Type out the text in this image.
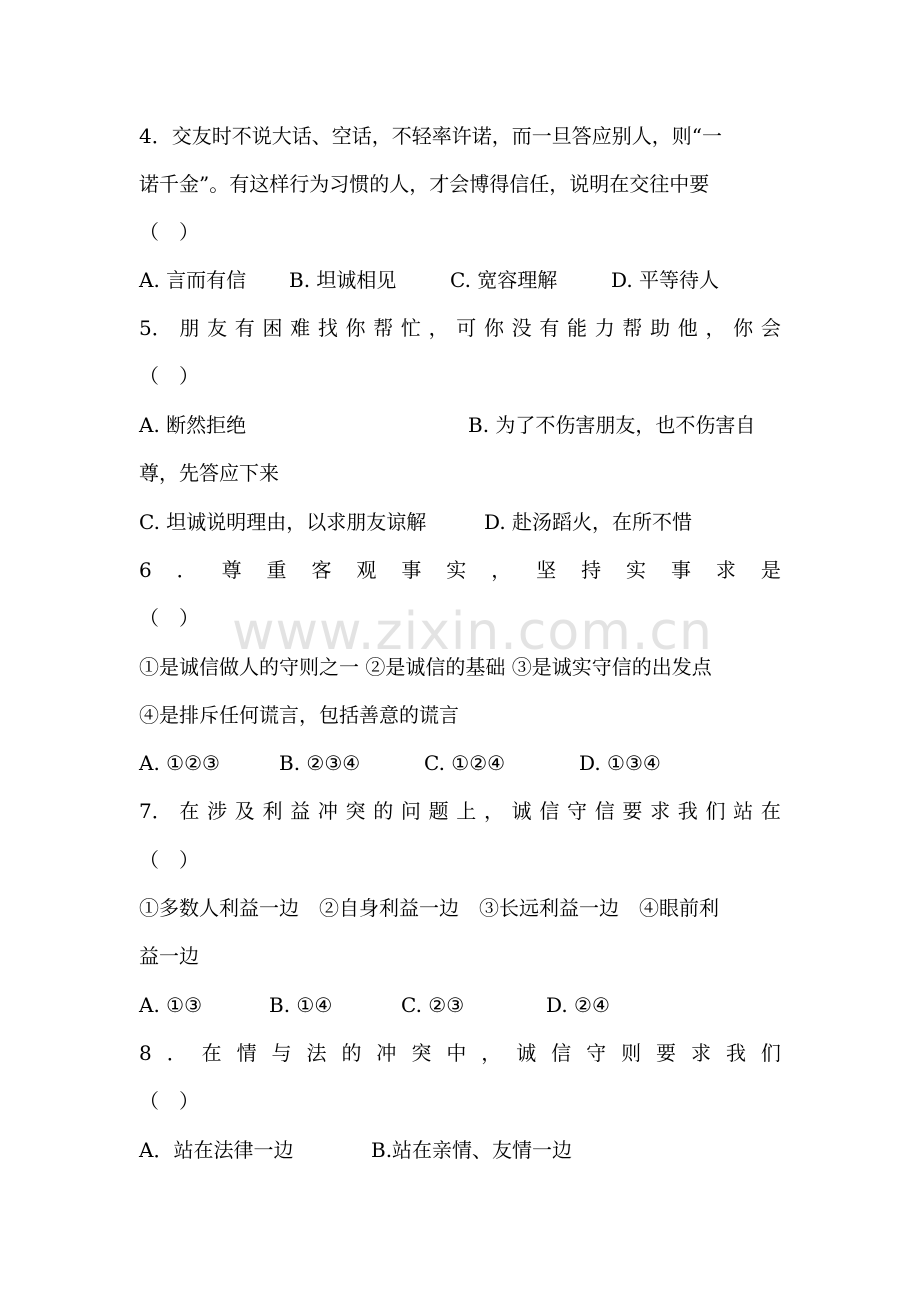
www.zixin.com.cn
4．交友时不说大话、空话，不轻率许诺，而一旦答应别人，则“一
诺千金”。有这样行为习惯的人，才会博得信任，说明在交往中要
（　）
A. 言而有信 B. 坦诚相见	C. 宽容理解	D. 平等待人
5． 朋 友 有 困 难 找 你 帮 忙 ， 可 你 没 有 能 力 帮 助 他 ， 你 会
（　）
A. 断然拒绝	B. 为了不伤害朋友，也不伤害自
尊，先答应下来
C. 坦诚说明理由，以求朋友谅解	D. 赴汤蹈火，在所不惜
6 ． 尊 重 客 观 事 实 ， 坚 持 实 事 求 是
（　）
①是诚信做人的守则之一 ②是诚信的基础 ③是诚实守信的出发点
④是排斥任何谎言，包括善意的谎言
A. ①②③	B. ②③④	C. ①②④	D. ①③④
7． 在 涉 及 利 益 冲 突 的 问 题 上 ， 诚 信 守 信 要 求 我 们 站 在
（　）
①多数人利益一边　②自身利益一边　③长远利益一边　④眼前利
益一边
A. ①③	B. ①④	C. ②③	D. ②④
8 ． 在 情 与 法 的 冲 突 中 ， 诚 信 守 则 要 求 我 们
（　）
A．站在法律一边	B.站在亲情、友情一边
